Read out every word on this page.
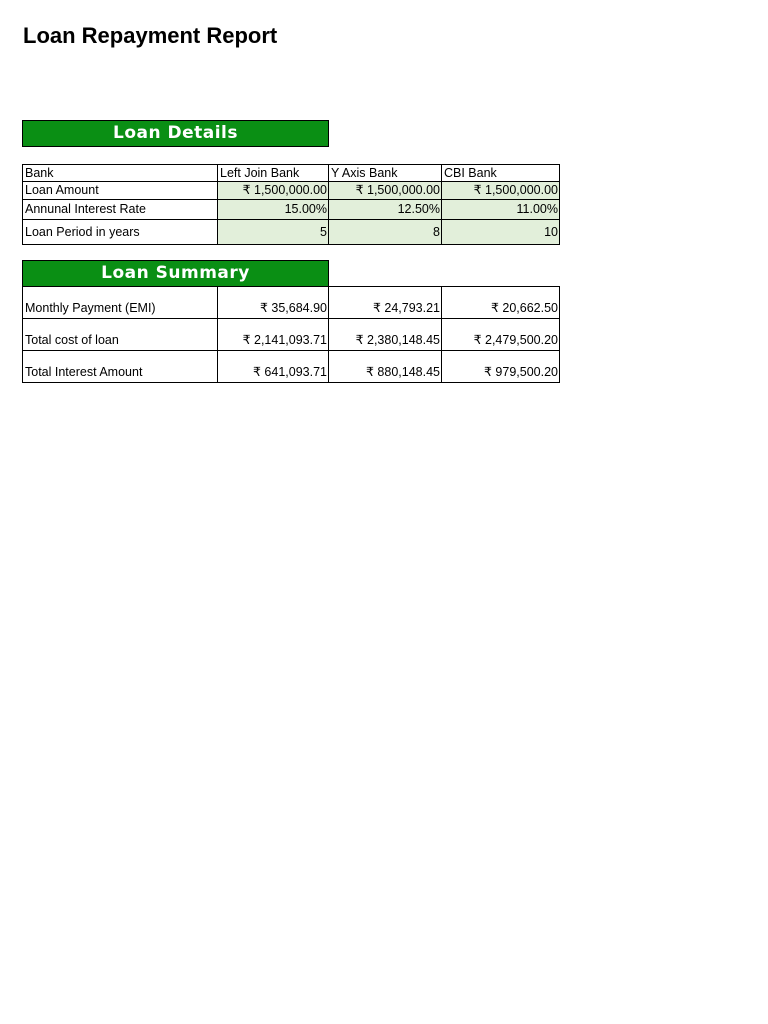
Loan Repayment Report
Loan Details
Bank	Left Join Bank	Y Axis Bank	CBI Bank
Loan Amount	₹ 1,500,000.00	₹ 1,500,000.00	₹ 1,500,000.00
Annunal Interest Rate	15.00%	12.50%	11.00%
Loan Period in years	5	8	10
Loan Summary
Monthly Payment (EMI)	₹ 35,684.90	₹ 24,793.21	₹ 20,662.50
Total cost of loan	₹ 2,141,093.71	₹ 2,380,148.45	₹ 2,479,500.20
Total Interest Amount	₹ 641,093.71	₹ 880,148.45	₹ 979,500.20
